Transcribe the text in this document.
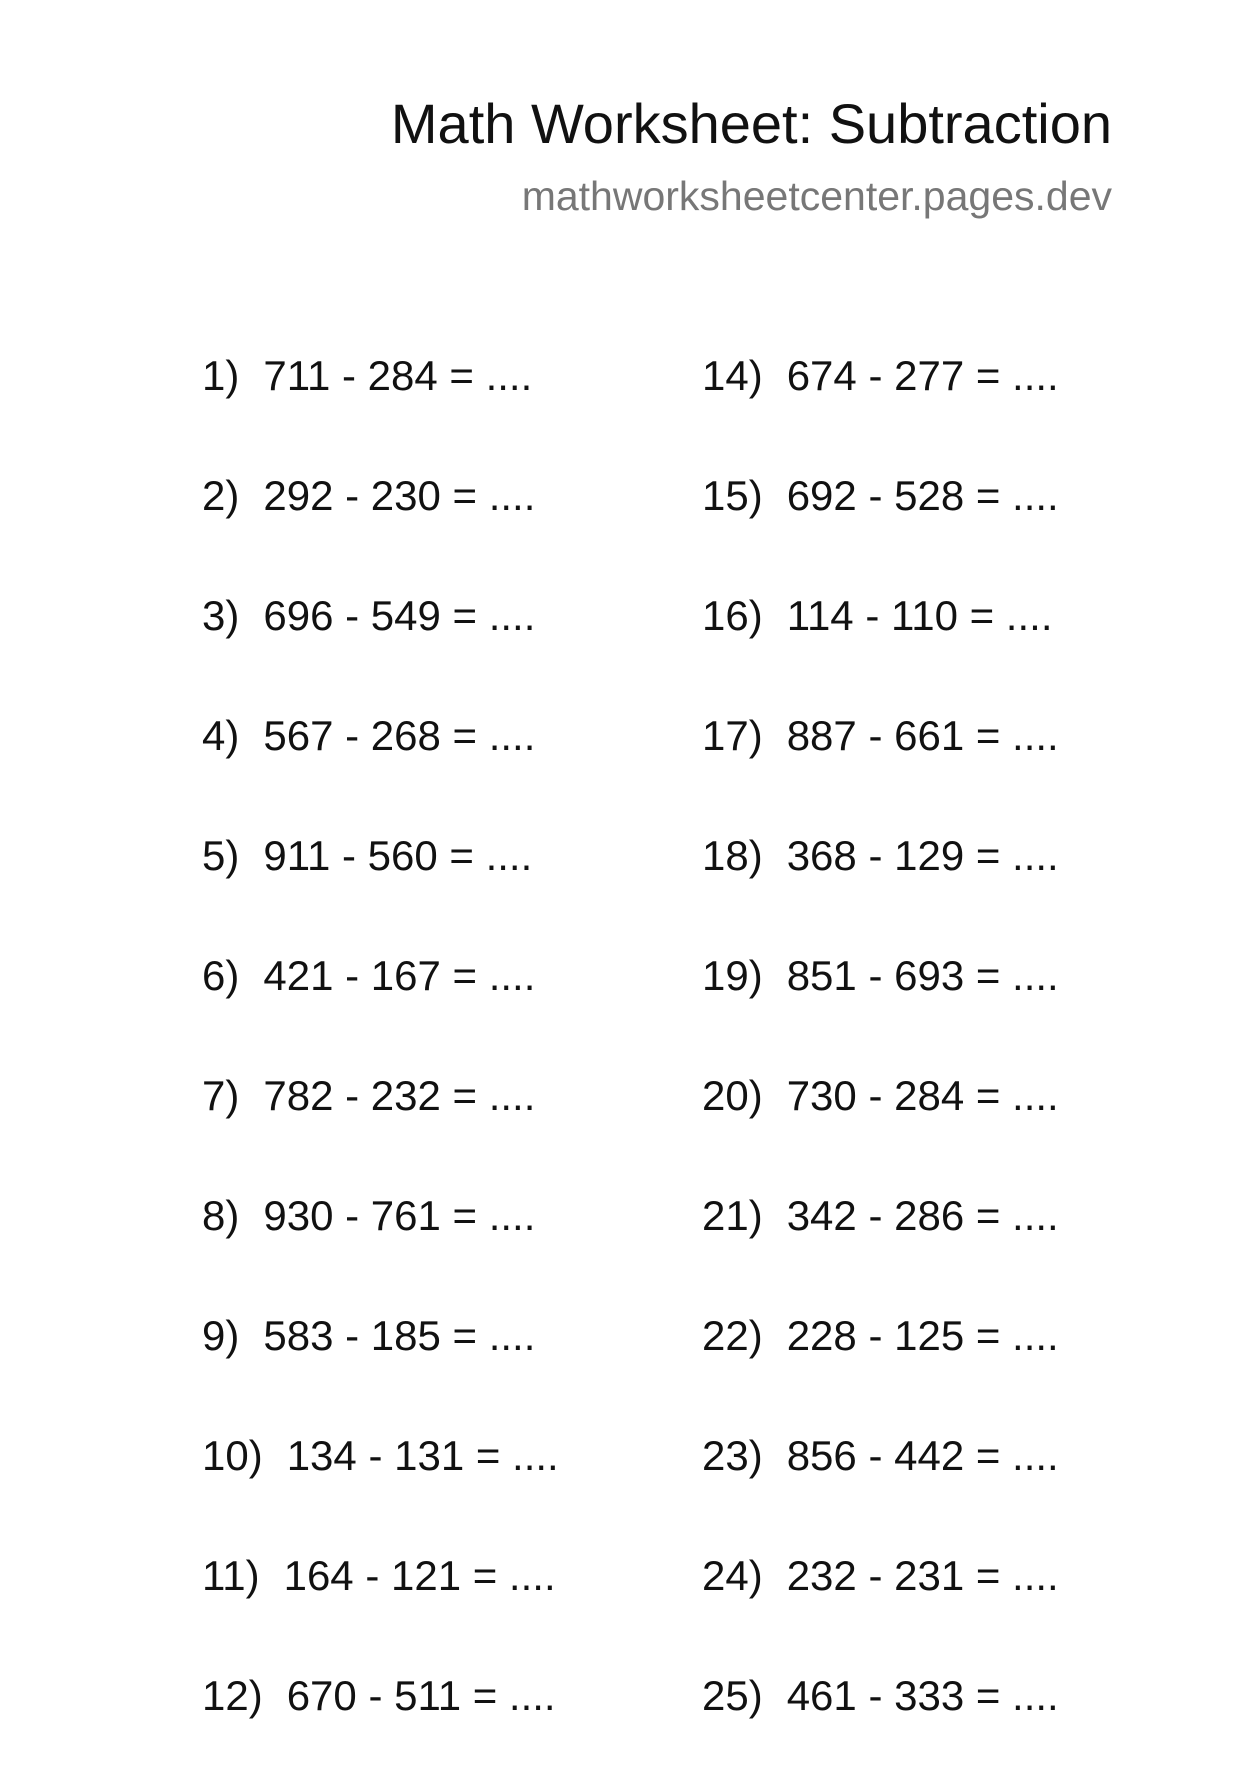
Math Worksheet: Subtraction
mathworksheetcenter.pages.dev
1) 711 - 284 = ....
2) 292 - 230 = ....
3) 696 - 549 = ....
4) 567 - 268 = ....
5) 911 - 560 = ....
6) 421 - 167 = ....
7) 782 - 232 = ....
8) 930 - 761 = ....
9) 583 - 185 = ....
10) 134 - 131 = ....
11) 164 - 121 = ....
12) 670 - 511 = ....
14) 674 - 277 = ....
15) 692 - 528 = ....
16) 114 - 110 = ....
17) 887 - 661 = ....
18) 368 - 129 = ....
19) 851 - 693 = ....
20) 730 - 284 = ....
21) 342 - 286 = ....
22) 228 - 125 = ....
23) 856 - 442 = ....
24) 232 - 231 = ....
25) 461 - 333 = ....
